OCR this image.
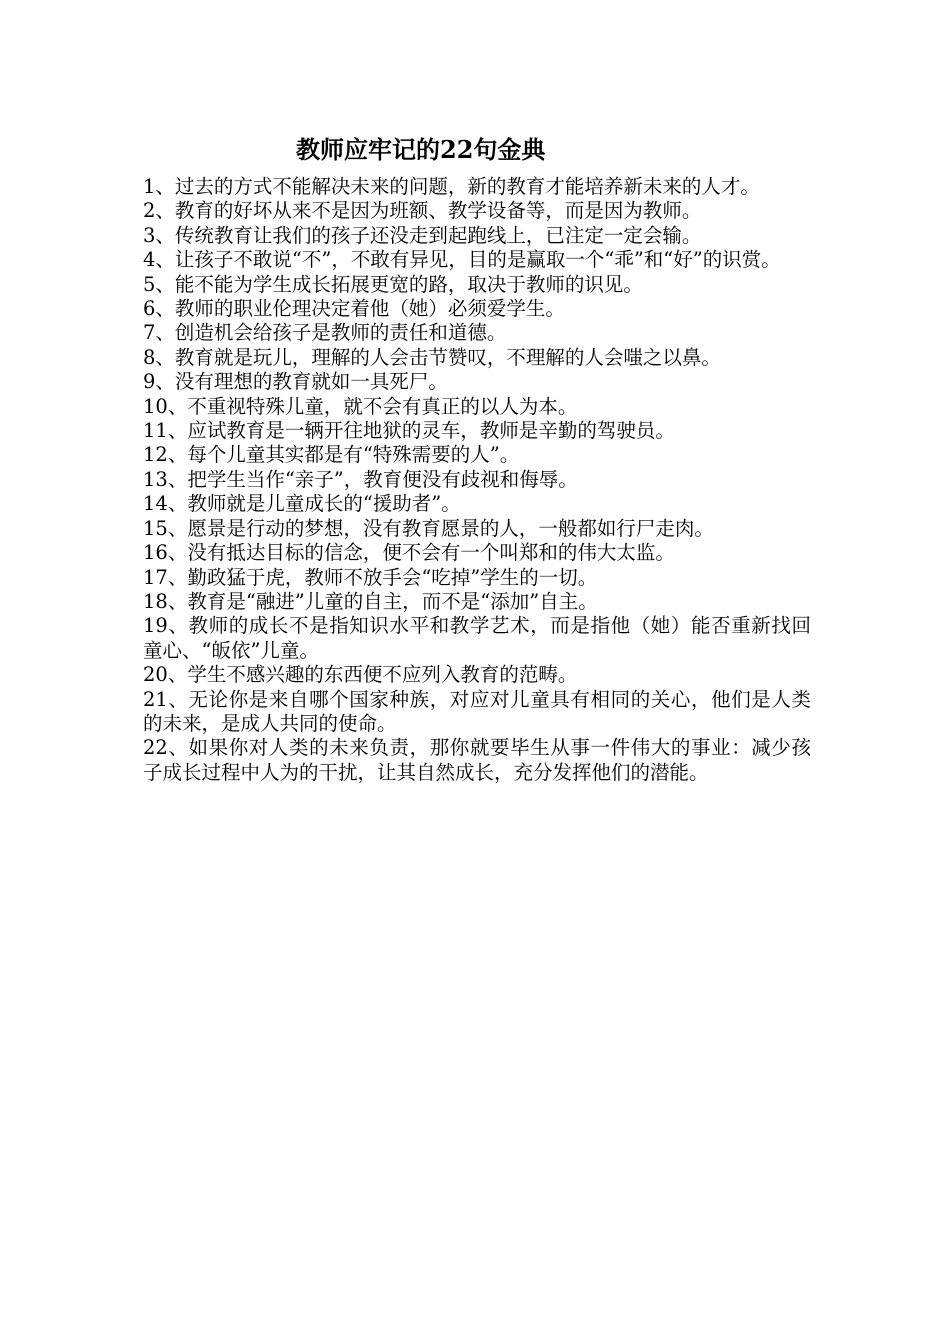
教师应牢记的22句金典
1、过去的方式不能解决未来的问题，新的教育才能培养新未来的人才。
2、教育的好坏从来不是因为班额、教学设备等，而是因为教师。
3、传统教育让我们的孩子还没走到起跑线上，已注定一定会输。
4、让孩子不敢说“不”，不敢有异见，目的是赢取一个“乖”和“好”的识赏。
5、能不能为学生成长拓展更宽的路，取决于教师的识见。
6、教师的职业伦理决定着他（她）必须爱学生。
7、创造机会给孩子是教师的责任和道德。
8、教育就是玩儿，理解的人会击节赞叹，不理解的人会嗤之以鼻。
9、没有理想的教育就如一具死尸。
10、不重视特殊儿童，就不会有真正的以人为本。
11、应试教育是一辆开往地狱的灵车，教师是辛勤的驾驶员。
12、每个儿童其实都是有“特殊需要的人”。
13、把学生当作“亲子”，教育便没有歧视和侮辱。
14、教师就是儿童成长的“援助者”。
15、愿景是行动的梦想，没有教育愿景的人，一般都如行尸走肉。
16、没有抵达目标的信念，便不会有一个叫郑和的伟大太监。
17、勤政猛于虎，教师不放手会“吃掉”学生的一切。
18、教育是“融进”儿童的自主，而不是“添加”自主。
19、教师的成长不是指知识水平和教学艺术，而是指他（她）能否重新找回童心、“皈依”儿童。
20、学生不感兴趣的东西便不应列入教育的范畴。
21、无论你是来自哪个国家种族，对应对儿童具有相同的关心，他们是人类的未来，是成人共同的使命。
22、如果你对人类的未来负责，那你就要毕生从事一件伟大的事业：减少孩子成长过程中人为的干扰，让其自然成长，充分发挥他们的潜能。
